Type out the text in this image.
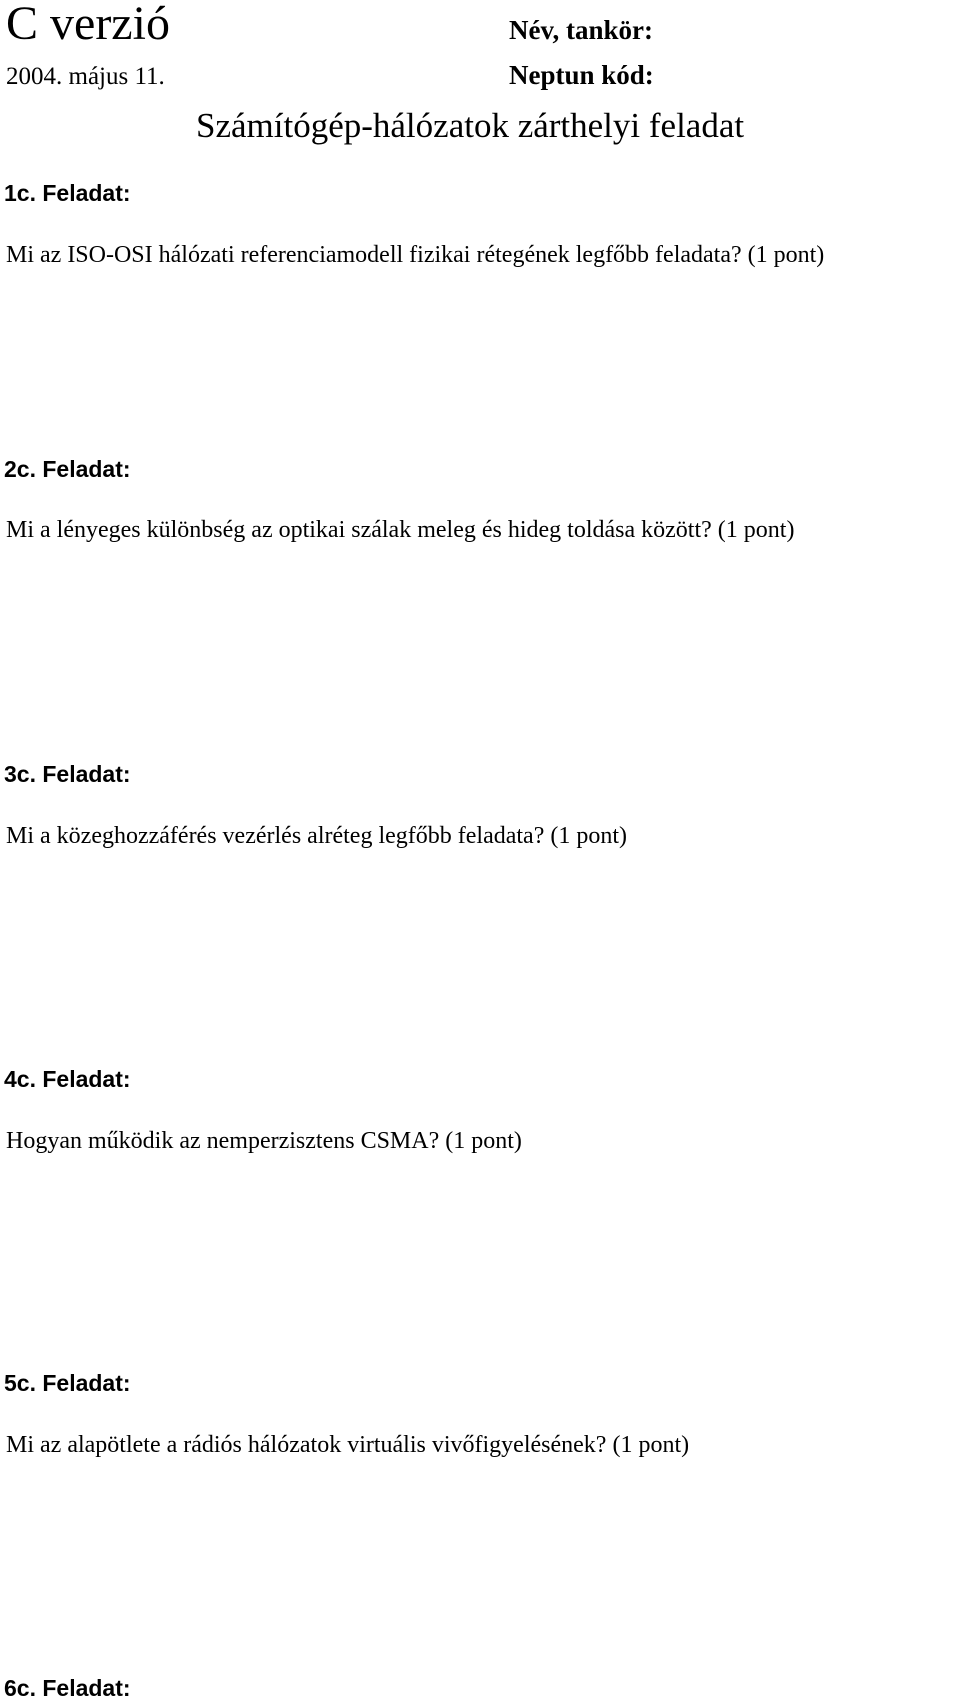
C verzió
2004. május 11.
Név, tankör:
Neptun kód:
Számítógép-hálózatok zárthelyi feladat
1c. Feladat:
Mi az ISO-OSI hálózati referenciamodell fizikai rétegének legfőbb feladata? (1 pont)
2c. Feladat:
Mi a lényeges különbség az optikai szálak meleg és hideg toldása között? (1 pont)
3c. Feladat:
Mi a közeghozzáférés vezérlés alréteg legfőbb feladata? (1 pont)
4c. Feladat:
Hogyan működik az nemperzisztens CSMA? (1 pont)
5c. Feladat:
Mi az alapötlete a rádiós hálózatok virtuális vivőfigyelésének? (1 pont)
6c. Feladat:
